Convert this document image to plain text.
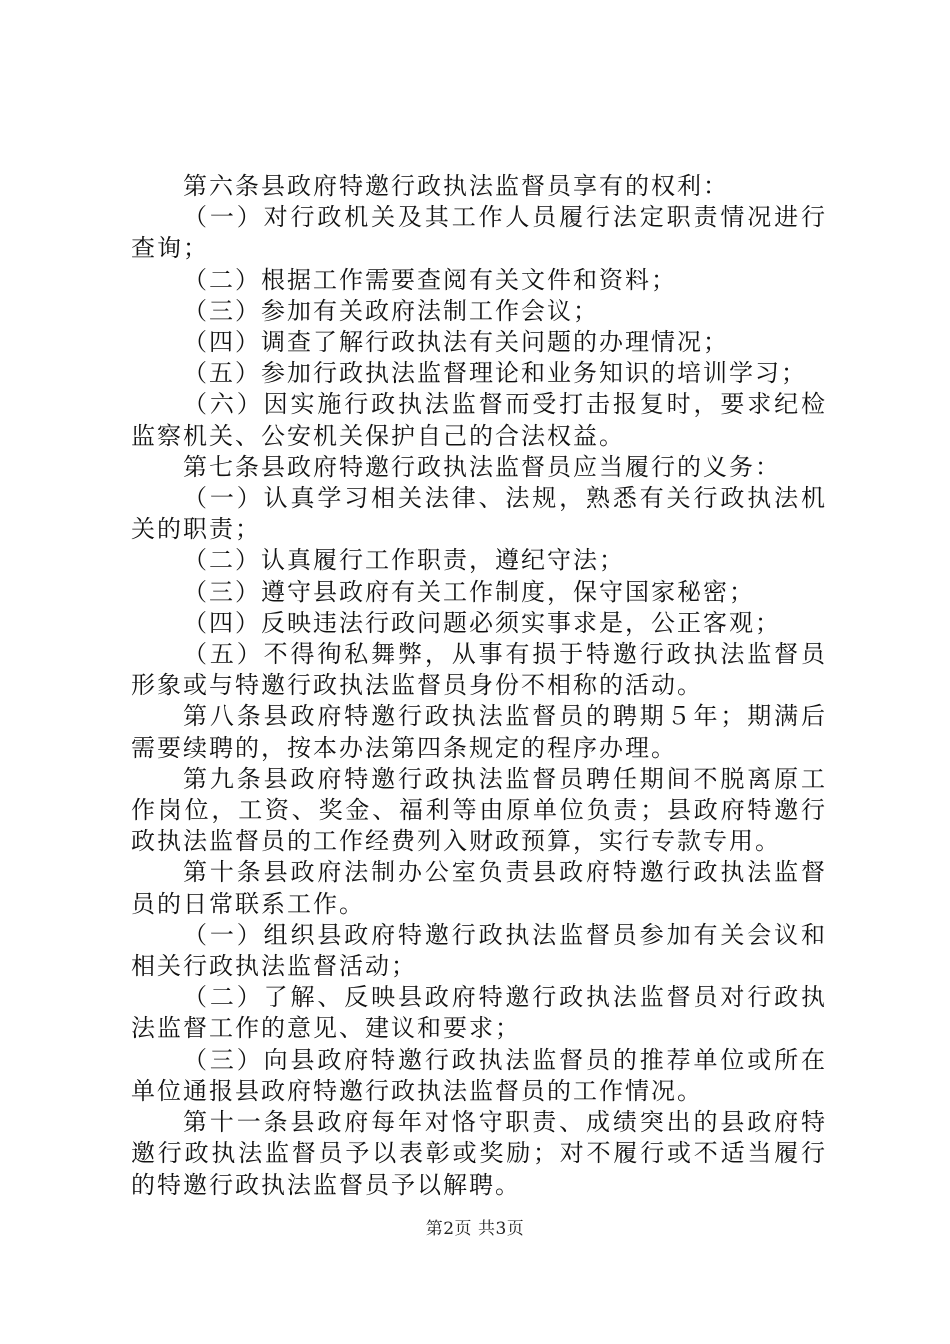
第六条县政府特邀行政执法监督员享有的权利：

（一）对行政机关及其工作人员履行法定职责情况进行查询；

（二）根据工作需要查阅有关文件和资料；

（三）参加有关政府法制工作会议；

（四）调查了解行政执法有关问题的办理情况；

（五）参加行政执法监督理论和业务知识的培训学习；

（六）因实施行政执法监督而受打击报复时，要求纪检监察机关、公安机关保护自己的合法权益。

第七条县政府特邀行政执法监督员应当履行的义务：

（一）认真学习相关法律、法规，熟悉有关行政执法机关的职责；

（二）认真履行工作职责，遵纪守法；

（三）遵守县政府有关工作制度，保守国家秘密；

（四）反映违法行政问题必须实事求是，公正客观；

（五）不得徇私舞弊，从事有损于特邀行政执法监督员形象或与特邀行政执法监督员身份不相称的活动。

第八条县政府特邀行政执法监督员的聘期５年；期满后需要续聘的，按本办法第四条规定的程序办理。

第九条县政府特邀行政执法监督员聘任期间不脱离原工作岗位，工资、奖金、福利等由原单位负责；县政府特邀行政执法监督员的工作经费列入财政预算，实行专款专用。

第十条县政府法制办公室负责县政府特邀行政执法监督员的日常联系工作。

（一）组织县政府特邀行政执法监督员参加有关会议和相关行政执法监督活动；

（二）了解、反映县政府特邀行政执法监督员对行政执法监督工作的意见、建议和要求；

（三）向县政府特邀行政执法监督员的推荐单位或所在单位通报县政府特邀行政执法监督员的工作情况。

第十一条县政府每年对恪守职责、成绩突出的县政府特邀行政执法监督员予以表彰或奖励；对不履行或不适当履行的特邀行政执法监督员予以解聘。

第2页 共3页
